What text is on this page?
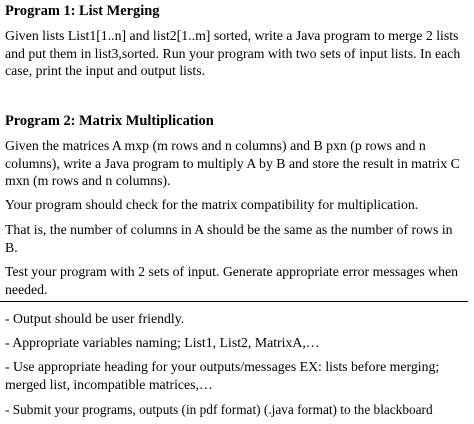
Program 1: List Merging
Given lists List1[1..n] and list2[1..m] sorted, write a Java program to merge 2 lists
and put them in list3,sorted. Run your program with two sets of input lists. In each
case, print the input and output lists.
Program 2: Matrix Multiplication
Given the matrices A mxp (m rows and n columns) and B pxn (p rows and n
columns), write a Java program to multiply A by B and store the result in matrix C
mxn (m rows and n columns).
Your program should check for the matrix compatibility for multiplication.
That is, the number of columns in A should be the same as the number of rows in
B.
Test your program with 2 sets of input. Generate appropriate error messages when
needed.
- Output should be user friendly.
- Appropriate variables naming; List1, List2, MatrixA,…
- Use appropriate heading for your outputs/messages EX: lists before merging;
merged list, incompatible matrices,…
- Submit your programs, outputs (in pdf format) (.java format) to the blackboard
